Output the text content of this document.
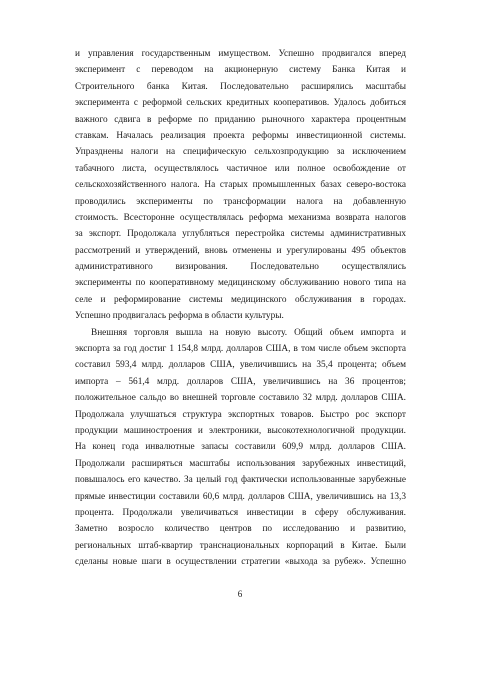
и управления государственным имуществом. Успешно продвигался вперед
эксперимент с переводом на акционерную систему Банка Китая и
Строительного банка Китая. Последовательно расширялись масштабы
эксперимента с реформой сельских кредитных кооперативов. Удалось добиться
важного сдвига в реформе по приданию рыночного характера процентным
ставкам. Началась реализация проекта реформы инвестиционной системы.
Упразднены налоги на специфическую сельхозпродукцию за исключением
табачного листа, осуществлялось частичное или полное освобождение от
сельскохозяйственного налога. На старых промышленных базах северо-востока
проводились эксперименты по трансформации налога на добавленную
стоимость. Всесторонне осуществлялась реформа механизма возврата налогов
за экспорт. Продолжала углубляться перестройка системы административных
рассмотрений и утверждений, вновь отменены и урегулированы 495 объектов
административного визирования. Последовательно осуществлялись
эксперименты по кооперативному медицинскому обслуживанию нового типа на
селе и реформирование системы медицинского обслуживания в городах.
Успешно продвигалась реформа в области культуры.
Внешняя торговля вышла на новую высоту. Общий объем импорта и
экспорта за год достиг 1 154,8 млрд. долларов США, в том числе объем экспорта
составил 593,4 млрд. долларов США, увеличившись на 35,4 процента; объем
импорта – 561,4 млрд. долларов США, увеличившись на 36 процентов;
положительное сальдо во внешней торговле составило 32 млрд. долларов США.
Продолжала улучшаться структура экспортных товаров. Быстро рос экспорт
продукции машиностроения и электроники, высокотехнологичной продукции.
На конец года инвалютные запасы составили 609,9 млрд. долларов США.
Продолжали расширяться масштабы использования зарубежных инвестиций,
повышалось его качество. За целый год фактически использованные зарубежные
прямые инвестиции составили 60,6 млрд. долларов США, увеличившись на 13,3
процента. Продолжали увеличиваться инвестиции в сферу обслуживания.
Заметно возросло количество центров по исследованию и развитию,
региональных штаб-квартир транснациональных корпораций в Китае. Были
сделаны новые шаги в осуществлении стратегии «выхода за рубеж». Успешно
6
